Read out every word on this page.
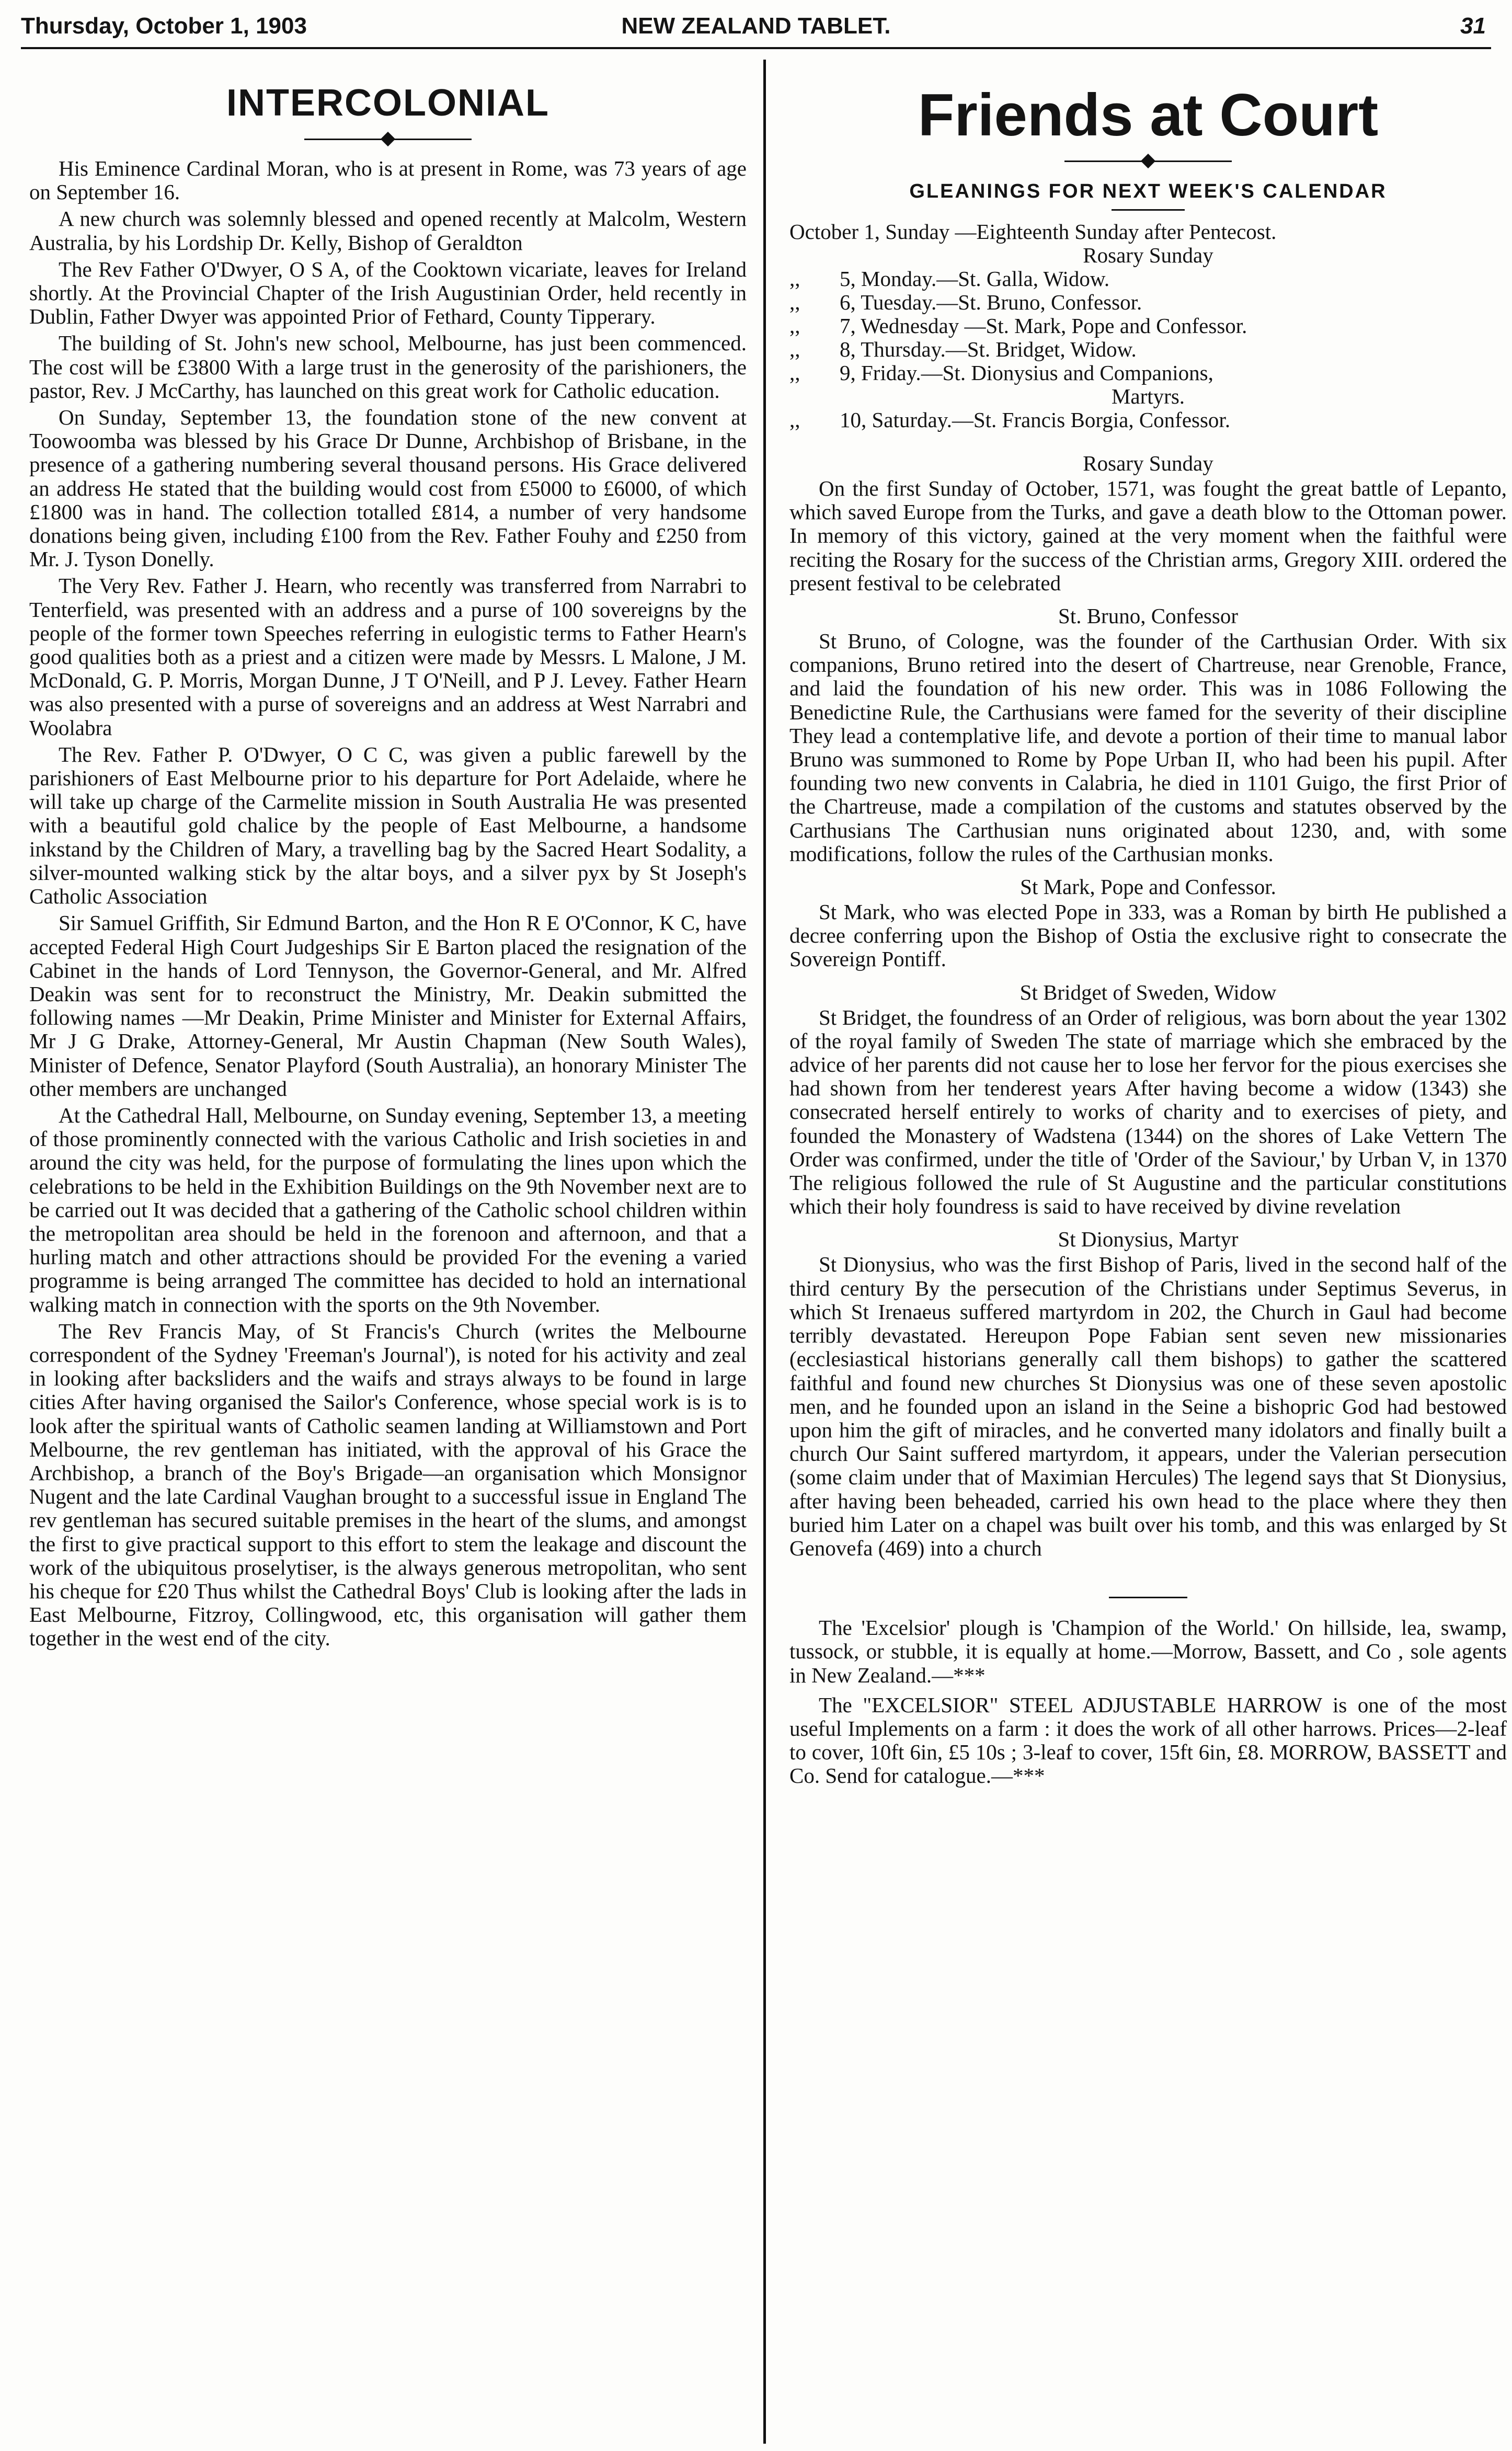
Thursday, October 1, 1903	NEW ZEALAND TABLET.	31
INTERCOLONIAL

His Eminence Cardinal Moran, who is at present in Rome, was 73 years of age on September 16.

A new church was solemnly blessed and opened recently at Malcolm, Western Australia, by his Lordship Dr. Kelly, Bishop of Geraldton

The Rev Father O'Dwyer, O S A, of the Cooktown vicariate, leaves for Ireland shortly. At the Provincial Chapter of the Irish Augustinian Order, held recently in Dublin, Father Dwyer was appointed Prior of Fethard, County Tipperary.

The building of St. John's new school, Melbourne, has just been commenced. The cost will be £3800 With a large trust in the generosity of the parishioners, the pastor, Rev. J McCarthy, has launched on this great work for Catholic education.

On Sunday, September 13, the foundation stone of the new convent at Toowoomba was blessed by his Grace Dr Dunne, Archbishop of Brisbane, in the presence of a gathering numbering several thousand persons. His Grace delivered an address He stated that the building would cost from £5000 to £6000, of which £1800 was in hand. The collection totalled £814, a number of very handsome donations being given, including £100 from the Rev. Father Fouhy and £250 from Mr. J. Tyson Donelly.

The Very Rev. Father J. Hearn, who recently was transferred from Narrabri to Tenterfield, was presented with an address and a purse of 100 sovereigns by the people of the former town Speeches referring in eulogistic terms to Father Hearn's good qualities both as a priest and a citizen were made by Messrs. L Malone, J M. McDonald, G. P. Morris, Morgan Dunne, J T O'Neill, and P J. Levey. Father Hearn was also presented with a purse of sovereigns and an address at West Narrabri and Woolabra

The Rev. Father P. O'Dwyer, O C C, was given a public farewell by the parishioners of East Melbourne prior to his departure for Port Adelaide, where he will take up charge of the Carmelite mission in South Australia He was presented with a beautiful gold chalice by the people of East Melbourne, a handsome inkstand by the Children of Mary, a travelling bag by the Sacred Heart Sodality, a silver-mounted walking stick by the altar boys, and a silver pyx by St Joseph's Catholic Association

Sir Samuel Griffith, Sir Edmund Barton, and the Hon R E O'Connor, K C, have accepted Federal High Court Judgeships Sir E Barton placed the resignation of the Cabinet in the hands of Lord Tennyson, the Governor-General, and Mr. Alfred Deakin was sent for to reconstruct the Ministry, Mr. Deakin submitted the following names —Mr Deakin, Prime Minister and Minister for External Affairs, Mr J G Drake, Attorney-General, Mr Austin Chapman (New South Wales), Minister of Defence, Senator Playford (South Australia), an honorary Minister The other members are unchanged

At the Cathedral Hall, Melbourne, on Sunday evening, September 13, a meeting of those prominently connected with the various Catholic and Irish societies in and around the city was held, for the purpose of formulating the lines upon which the celebrations to be held in the Exhibition Buildings on the 9th November next are to be carried out It was decided that a gathering of the Catholic school children within the metropolitan area should be held in the forenoon and afternoon, and that a hurling match and other attractions should be provided For the evening a varied programme is being arranged The committee has decided to hold an international walking match in connection with the sports on the 9th November.

The Rev Francis May, of St Francis's Church (writes the Melbourne correspondent of the Sydney 'Freeman's Journal'), is noted for his activity and zeal in looking after backsliders and the waifs and strays always to be found in large cities After having organised the Sailor's Conference, whose special work is is to look after the spiritual wants of Catholic seamen landing at Williamstown and Port Melbourne, the rev gentleman has initiated, with the approval of his Grace the Archbishop, a branch of the Boy's Brigade—an organisation which Monsignor Nugent and the late Cardinal Vaughan brought to a successful issue in England The rev gentleman has secured suitable premises in the heart of the slums, and amongst the first to give practical support to this effort to stem the leakage and discount the work of the ubiquitous proselytiser, is the always generous metropolitan, who sent his cheque for £20 Thus whilst the Cathedral Boys' Club is looking after the lads in East Melbourne, Fitzroy, Collingwood, etc, this organisation will gather them together in the west end of the city.

Friends at Court
GLEANINGS FOR NEXT WEEK'S CALENDAR
October 1, Sunday —Eighteenth Sunday after Pentecost.
Rosary Sunday
,,	5, Monday.—St. Galla, Widow.
,,	6, Tuesday.—St. Bruno, Confessor.
,,	7, Wednesday —St. Mark, Pope and Confessor.
,,	8, Thursday.—St. Bridget, Widow.
,,	9, Friday.—St. Dionysius and Companions,
Martyrs.
,,	10, Saturday.—St. Francis Borgia, Confessor.
Rosary Sunday

On the first Sunday of October, 1571, was fought the great battle of Lepanto, which saved Europe from the Turks, and gave a death blow to the Ottoman power. In memory of this victory, gained at the very moment when the faithful were reciting the Rosary for the success of the Christian arms, Gregory XIII. ordered the present festival to be celebrated

St. Bruno, Confessor

St Bruno, of Cologne, was the founder of the Carthusian Order. With six companions, Bruno retired into the desert of Chartreuse, near Grenoble, France, and laid the foundation of his new order. This was in 1086 Following the Benedictine Rule, the Carthusians were famed for the severity of their discipline They lead a contemplative life, and devote a portion of their time to manual labor Bruno was summoned to Rome by Pope Urban II, who had been his pupil. After founding two new convents in Calabria, he died in 1101 Guigo, the first Prior of the Chartreuse, made a compilation of the customs and statutes observed by the Carthusians The Carthusian nuns originated about 1230, and, with some modifications, follow the rules of the Carthusian monks.

St Mark, Pope and Confessor.

St Mark, who was elected Pope in 333, was a Roman by birth He published a decree conferring upon the Bishop of Ostia the exclusive right to consecrate the Sovereign Pontiff.

St Bridget of Sweden, Widow

St Bridget, the foundress of an Order of religious, was born about the year 1302 of the royal family of Sweden The state of marriage which she embraced by the advice of her parents did not cause her to lose her fervor for the pious exercises she had shown from her tenderest years After having become a widow (1343) she consecrated herself entirely to works of charity and to exercises of piety, and founded the Monastery of Wadstena (1344) on the shores of Lake Vettern The Order was confirmed, under the title of 'Order of the Saviour,' by Urban V, in 1370 The religious followed the rule of St Augustine and the particular constitutions which their holy foundress is said to have received by divine revelation

St Dionysius, Martyr

St Dionysius, who was the first Bishop of Paris, lived in the second half of the third century By the persecution of the Christians under Septimus Severus, in which St Irenaeus suffered martyrdom in 202, the Church in Gaul had become terribly devastated. Hereupon Pope Fabian sent seven new missionaries (ecclesiastical historians generally call them bishops) to gather the scattered faithful and found new churches St Dionysius was one of these seven apostolic men, and he founded upon an island in the Seine a bishopric God had bestowed upon him the gift of miracles, and he converted many idolators and finally built a church Our Saint suffered martyrdom, it appears, under the Valerian persecution (some claim under that of Maximian Hercules) The legend says that St Dionysius, after having been beheaded, carried his own head to the place where they then buried him Later on a chapel was built over his tomb, and this was enlarged by St Genovefa (469) into a church

The 'Excelsior' plough is 'Champion of the World.' On hillside, lea, swamp, tussock, or stubble, it is equally at home.—Morrow, Bassett, and Co , sole agents in New Zealand.—***

The "EXCELSIOR" STEEL ADJUSTABLE HARROW is one of the most useful Implements on a farm : it does the work of all other harrows. Prices—2-leaf to cover, 10ft 6in, £5 10s ; 3-leaf to cover, 15ft 6in, £8. MORROW, BASSETT and Co. Send for catalogue.—***
